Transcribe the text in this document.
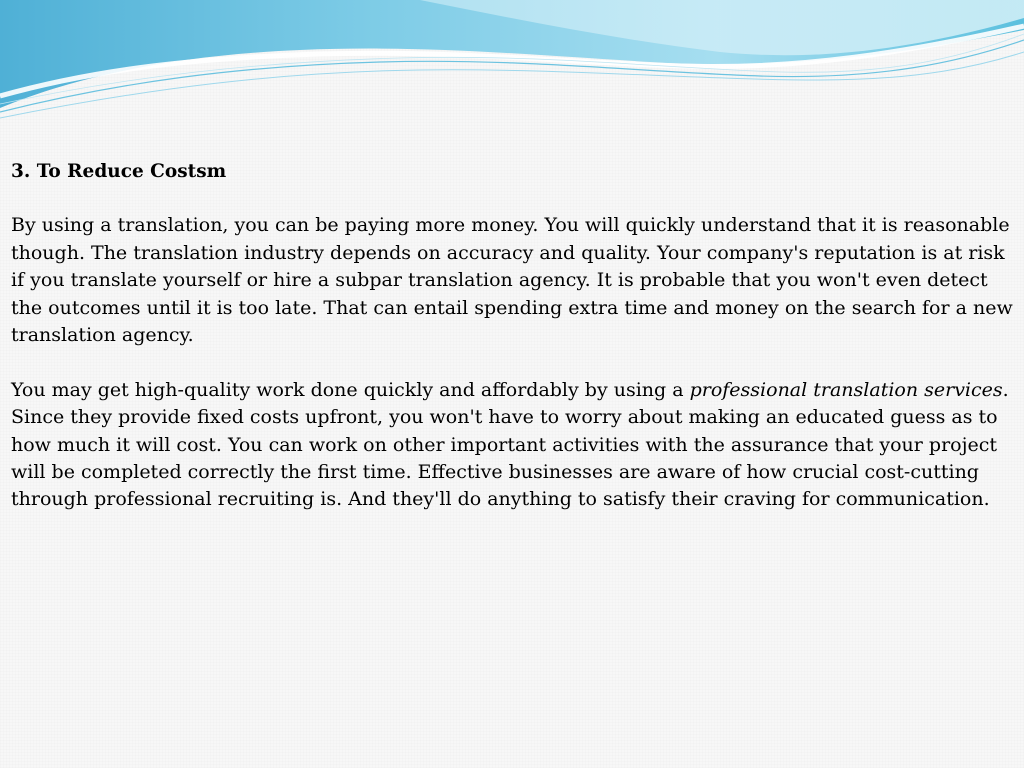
3. To Reduce Costsm

By using a translation, you can be paying more money. You will quickly understand that it is reasonable though. The translation industry depends on accuracy and quality. Your company's reputation is at risk if you translate yourself or hire a subpar translation agency. It is probable that you won't even detect the outcomes until it is too late. That can entail spending extra time and money on the search for a new translation agency.

You may get high-quality work done quickly and affordably by using a professional translation services. Since they provide fixed costs upfront, you won't have to worry about making an educated guess as to how much it will cost. You can work on other important activities with the assurance that your project will be completed correctly the first time. Effective businesses are aware of how crucial cost-cutting through professional recruiting is. And they'll do anything to satisfy their craving for communication.
